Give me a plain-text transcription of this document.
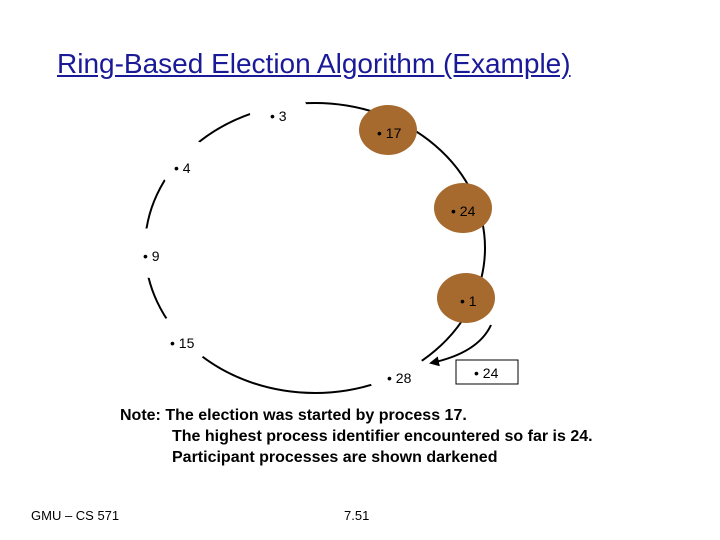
Ring-Based Election Algorithm (Example)
• 3
• 17
• 4
• 24
• 9
• 1
• 15
• 28	• 24
Note: The election was started by process 17.
The highest process identifier encountered so far is 24.
Participant processes are shown darkened
GMU – CS 571	7.51
